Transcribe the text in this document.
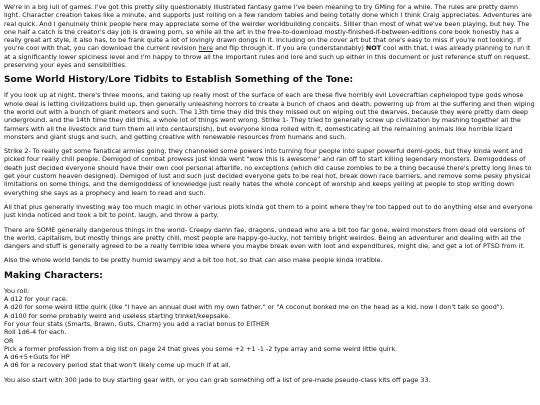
We're in a big lull of games. I've got this pretty silly questionably illustrated fantasy game I've been meaning to try GMing for a while. The rules are pretty damn light. Character creation takes like a minute, and supports just rolling on a few random tables and being totally done which I think Craig appreciates. Adventures are real quick. And I genuinely think people here may appreciate some of the weirder worldbuilding conceits. Sillier than most of what we've been playing, but hey. The one half a catch is the creator's day job is drawing porn, so while all the art in the free-to-download mostly-finished-if-between-editions core book honestly has a really great art style, it also has, to be frank quite a lot of lovingly drawn dongs in it. Including on the cover art but that one's easy to miss if you're not looking. If you're cool with that, you can download the current revision here and flip through it. If you are (understandably) NOT cool with that, I was already planning to run it at a significantly lower spiciness level and I'm happy to throw all the important rules and lore and such up either in this document or just reference stuff on request, preserving your eyes and sensibilities.

Some World History/Lore Tidbits to Establish Something of the Tone:

If you look up at night, there's three moons, and taking up really most of the surface of each are these five horribly evil Lovecraftian cephelopod type gods whose whole deal is letting civilizations build up, then generally unleashing horrors to create a bunch of chaos and death, powering up from al the suffering and then wiping the world out with a bunch of giant meteors and such. The 13th time they did this they missed out on wiping out the dwarves, because they were pretty darn deep underground, and the 14th time they did this, a whole lot of things went wrong. Strike 1- They tried to generally screw up civilization by mashing together all the farmers with all the livestock and turn them all into centaurs(ish), but everyone kinda rolled with it, domesticating all the remaining animals like horrible lizard monsters and giant slugs and such, and getting creative with renewable resources from humans and such.

Strike 2- To really get some fanatical armies going, they channeled some powers into turning four people into super powerful demi-gods, but they kinda went and picked four really chill people. Demigod of combat prowess just kinda went "wow this is awesome" and ran off to start killing legendary monsters. Demigoddess of death just decided everyone should have their own cool personal afterlife, no exceptions (which did cause zombies to be a thing because there's pretty long lines to get your custom heaven designed). Demigod of lust and such just decided everyone gets to be real hot, break down race barriers, and remove some pesky physical limitations on some things, and the demigoddess of knowledge just really hates the whole concept of worship and keeps yelling at people to stop writing down everything she says as a prophecy and learn to read and such.

All that plus generally investing way too much magic in other various plots kinda got them to a point where they're too tapped out to do anything else and everyone just kinda noticed and took a bit to point, laugh, and throw a party.

There are SOME generally dangerous things in the world- Creepy damn fae, dragons, undead who are a bit too far gone, weird monsters from dead old versions of the world, capitalism, but mostly things are pretty chill, most people are happy-go-lucky, not terribly bright weirdos. Being an adventurer and dealing with all the dangers and stuff is generally agreed to be a really terrible idea where you maybe break even with loot and expenditures, might die, and get a lot of PTSD from it.

Also the whole world tends to be pretty humid swampy and a bit too hot, so that can also make people kinda irratible.

Making Characters:
You roll:
A d12 for your race.
A d20 for some weird little quirk (like "I have an annual duel with my own father," or "A coconut bonked me on the head as a kid, now I don't talk so good").
A d100 for some probably weird and useless starting trinket/keepsake.
For your four stats (Smarts, Brawn, Guts, Charm) you add a racial bonus to EITHER
Roll 1d6-4 for each.
OR
Pick a former profession from a big list on page 24 that gives you some +2 +1 -1 -2 type array and some weird little quirk.
A d6+5+Guts for HP
A d6 for a recovery period stat that won't likely come up much if at all.

You also start with 300 jade to buy starting gear with, or you can grab something off a list of pre-made pseudo-class kits off page 33.
